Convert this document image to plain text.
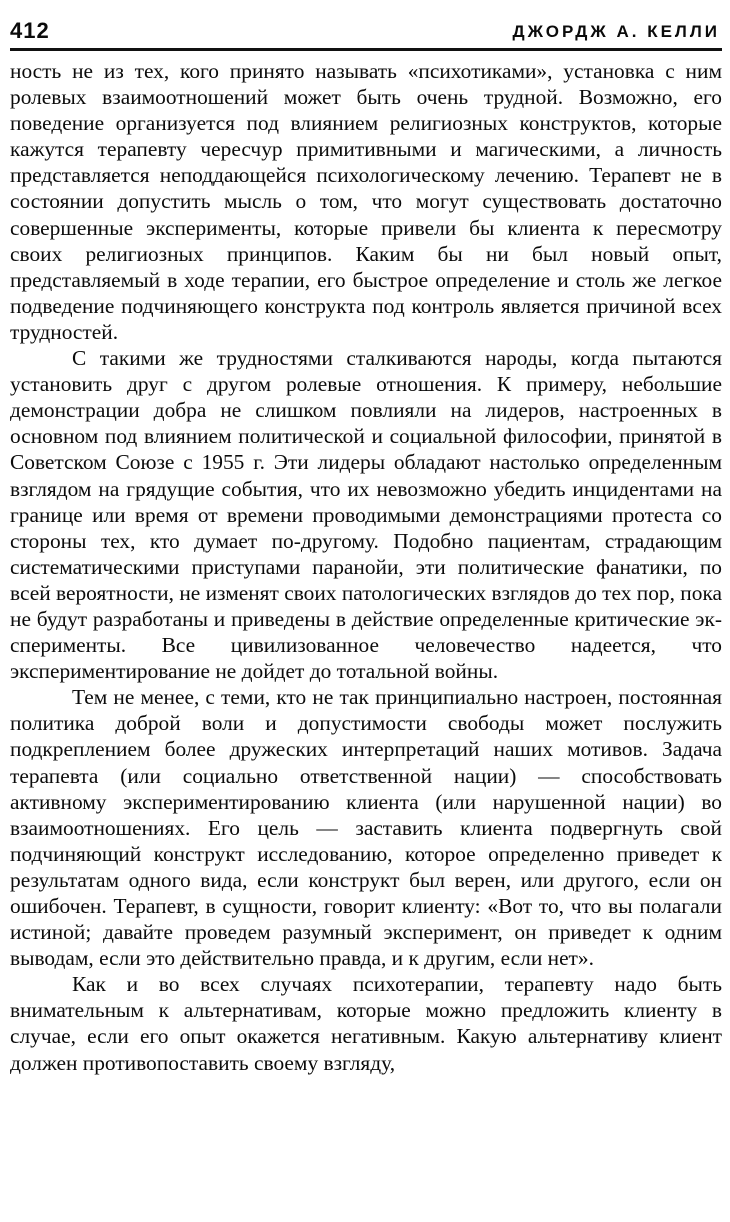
412	ДЖОРДЖ А. КЕЛЛИ

ность не из тех, кого принято называть «психотиками», установка с ним ролевых взаимоотношений может быть очень трудной. Возможно, его поведение организуется под влиянием религиозных конструктов, которые кажутся терапевту чересчур примитивными и магическими, а личность представляется неподдающейся психологическому лечению. Терапевт не в состоянии допустить мысль о том, что могут существовать достаточно совершенные эксперименты, которые привели бы клиента к пересмотру своих религиозных принципов. Каким бы ни был новый опыт, представляемый в ходе терапии, его быстрое определение и столь же легкое подведение подчиняющего конструкта под контроль является причиной всех трудностей.

С такими же трудностями сталкиваются народы, когда пытаются установить друг с другом ролевые отношения. К примеру, небольшие демонстрации добра не слишком повлияли на лидеров, настроенных в основном под влиянием политической и социальной философии, принятой в Советском Союзе с 1955 г. Эти лидеры обладают настолько определенным взглядом на грядущие события, что их невозможно убедить инцидентами на границе или время от времени проводимыми демонстрациями протеста со стороны тех, кто думает по-другому. Подобно пациентам, страдающим систематическими приступами паранойи, эти политические фанатики, по всей вероятности, не изменят своих патологических взглядов до тех пор, пока не будут разработаны и приведены в действие определенные критические эксперименты. Все цивилизованное человечество надеется, что экспериментирование не дойдет до тотальной войны.

Тем не менее, с теми, кто не так принципиально настроен, постоянная политика доброй воли и допустимости свободы может послужить подкреплением более дружеских интерпретаций наших мотивов. Задача терапевта (или социально ответственной нации) — способствовать активному экспериментированию клиента (или нарушенной нации) во взаимоотношениях. Его цель — заставить клиента подвергнуть свой подчиняющий конструкт исследованию, которое определенно приведет к результатам одного вида, если конструкт был верен, или другого, если он ошибочен. Терапевт, в сущности, говорит клиенту: «Вот то, что вы полагали истиной; давайте проведем разумный эксперимент, он приведет к одним выводам, если это действительно правда, и к другим, если нет».

Как и во всех случаях психотерапии, терапевту надо быть внимательным к альтернативам, которые можно предложить клиенту в случае, если его опыт окажется негативным. Какую альтернативу клиент должен противопоставить своему взгляду,
